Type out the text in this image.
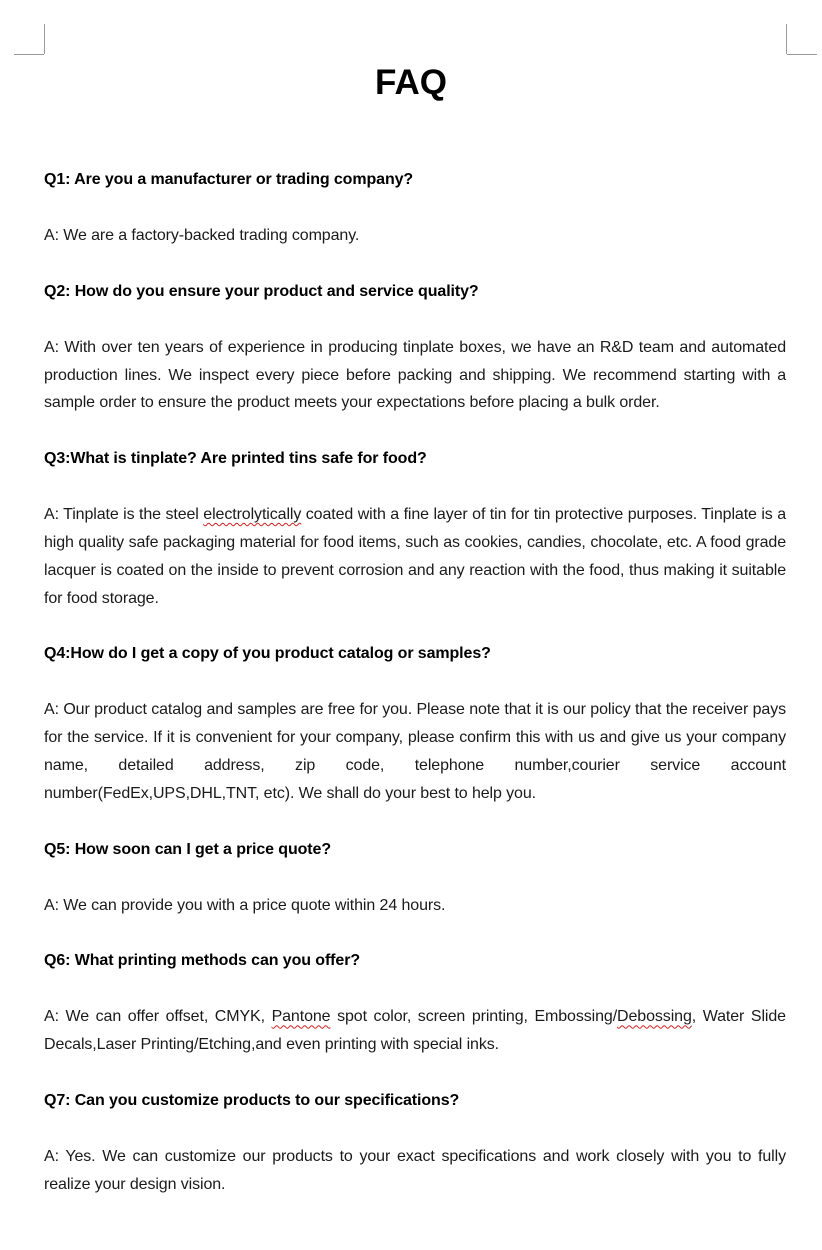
FAQ

Q1: Are you a manufacturer or trading company?

A: We are a factory-backed trading company.

Q2: How do you ensure your product and service quality?

A: With over ten years of experience in producing tinplate boxes, we have an R&D team and automated production lines. We inspect every piece before packing and shipping. We recommend starting with a sample order to ensure the product meets your expectations before placing a bulk order.

Q3:What is tinplate? Are printed tins safe for food?

A: Tinplate is the steel electrolytically coated with a fine layer of tin for tin protective purposes. Tinplate is a high quality safe packaging material for food items, such as cookies, candies, chocolate, etc. A food grade lacquer is coated on the inside to prevent corrosion and any reaction with the food, thus making it suitable for food storage.

Q4:How do I get a copy of you product catalog or samples?

A: Our product catalog and samples are free for you. Please note that it is our policy that the receiver pays for the service. If it is convenient for your company, please confirm this with us and give us your company name, detailed address, zip code, telephone number,courier service account number(FedEx,UPS,DHL,TNT, etc). We shall do your best to help you.

Q5: How soon can I get a price quote?

A: We can provide you with a price quote within 24 hours.

Q6: What printing methods can you offer?

A: We can offer offset, CMYK, Pantone spot color, screen printing, Embossing/Debossing, Water Slide Decals,Laser Printing/Etching,and even printing with special inks.

Q7: Can you customize products to our specifications?

A: Yes. We can customize our products to your exact specifications and work closely with you to fully realize your design vision.
